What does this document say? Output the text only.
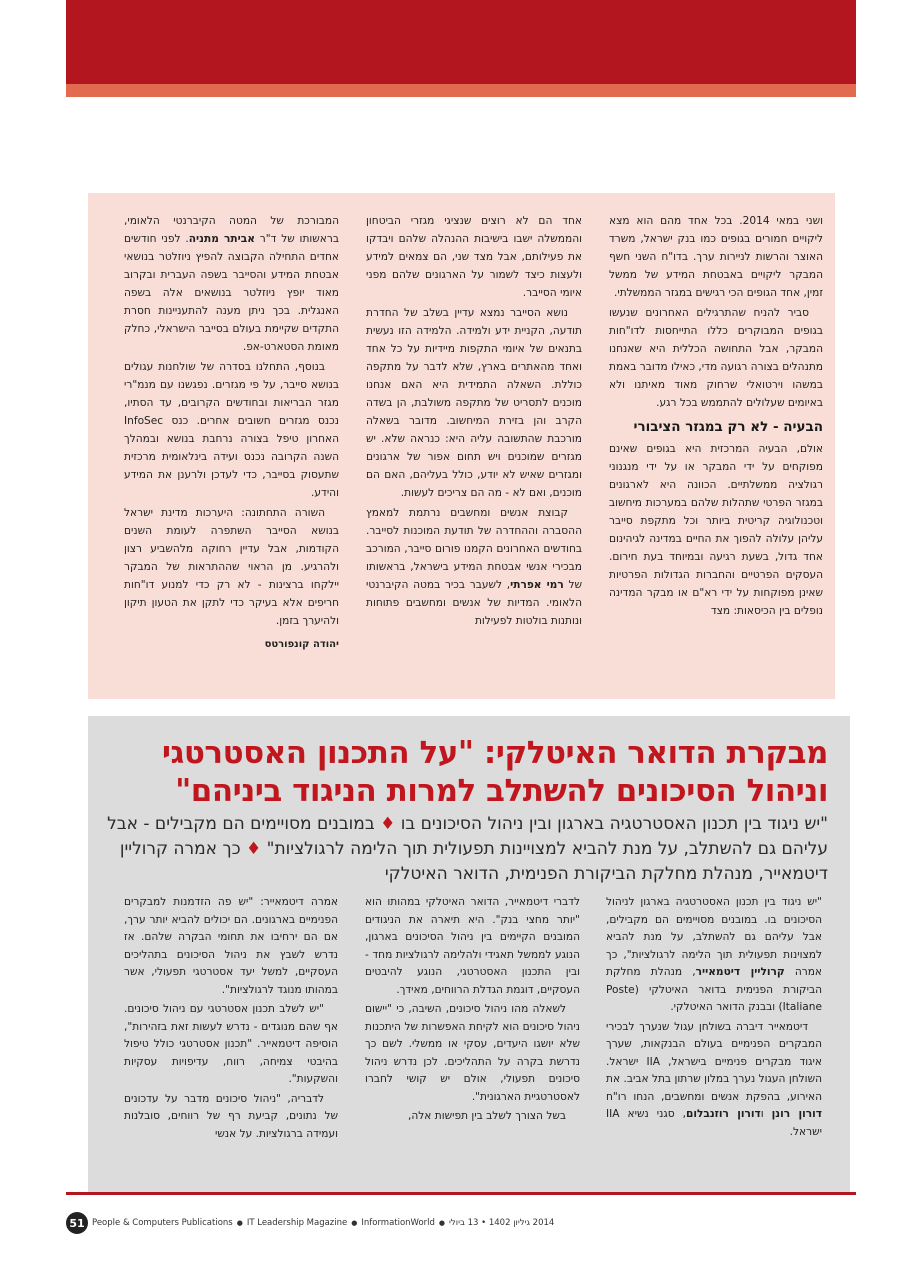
ושני במאי 2014. בכל אחד מהם הוא מצא ליקויים חמורים בגופים כמו בנק ישראל, משרד האוצר והרשות לניירות ערך. בדו"ח השני חשף המבקר ליקויים באבטחת המידע של ממשל זמין, אחד הגופים הכי רגישים במגזר הממשלתי.

סביר להניח שהתרגילים האחרונים שנעשו בגופים המבוקרים כללו התייחסות לדו"חות המבקר, אבל התחושה הכללית היא שאנחנו מתנהלים בצורה רגועה מדי, כאילו מדובר באמת במשהו וירטואלי שרחוק מאוד מאיתנו ולא באיומים שעלולים להתממש בכל רגע.

הבעיה - לא רק במגזר הציבורי

אולם, הבעיה המרכזית היא בגופים שאינם מפוקחים על ידי המבקר או על ידי מנגנוני רגולציה ממשלתיים. הכוונה היא לארגונים במגזר הפרטי שתהלות שלהם במערכות מיחשוב וטכנולוגיה קריטית ביותר וכל מתקפת סייבר עליהן עלולה להפוך את החיים במדינה לגיהינום אחד גדול, בשעת רגיעה ובמיוחד בעת חירום. העסקים הפרטיים והחברות הגדולות הפרטיות שאינן מפוקחות על ידי רא"ם או מבקר המדינה נופלים בין הכיסאות: מצד

אחד הם לא רוצים שנציגי מגזרי הביטחון והממשלה ישבו בישיבות ההנהלה שלהם ויבדקו את פעילותם, אבל מצד שני, הם צמאים למידע ולעצות כיצד לשמור על הארגונים שלהם מפני איומי הסייבר.

נושא הסייבר נמצא עדיין בשלב של החדרת תודעה, הקניית ידע ולמידה. הלמידה הזו נעשית בתנאים של איומי התקפות מיידיות על כל אחד ואחד מהאתרים בארץ, שלא לדבר על מתקפה כוללת. השאלה התמידית היא האם אנחנו מוכנים לתסריט של מתקפה משולבת, הן בשדה הקרב והן בזירת המיחשוב. מדובר בשאלה מורכבת שהתשובה עליה היא: כנראה שלא. יש מגזרים שמוכנים ויש תחום אפור של ארגונים ומגזרים שאיש לא יודע, כולל בעליהם, האם הם מוכנים, ואם לא - מה הם צריכים לעשות.

קבוצת אנשים ומחשבים נרתמת למאמץ ההסברה וההחדרה של תודעת המוכנות לסייבר. בחודשים האחרונים הקמנו פורום סייבר, המורכב מבכירי אנשי אבטחת המידע בישראל, בראשותו של רמי אפרתי, לשעבר בכיר במטה הקיברנטי הלאומי. המדיות של אנשים ומחשבים פתוחות ונותנות בולטות לפעילות

המבורכת של המטה הקיברנטי הלאומי, בראשותו של ד"ר אביתר מתניה. לפני חודשים אחדים התחילה הקבוצה להפיץ ניוזלטר בנושאי אבטחת המידע והסייבר בשפה העברית ובקרוב מאוד יופץ ניוזלטר בנושאים אלה בשפה האנגלית. בכך ניתן מענה להתעניינות חסרת התקדים שקיימת בעולם בסייבר הישראלי, כחלק מאומת הסטארט-אפ.

בנוסף, התחלנו בסדרה של שולחנות עגולים בנושא סייבר, על פי מגזרים. נפגשנו עם מנמ"רי מגזר הבריאות ובחודשים הקרובים, עד הסתיו, נכנס מגזרים חשובים אחרים. כנס InfoSec האחרון טיפל בצורה נרחבת בנושא ובמהלך השנה הקרובה נכנס ועידה בינלאומית מרכזית שתעסוק בסייבר, כדי לעדכן ולרענן את המידע והידע.

השורה התחתונה: היערכות מדינת ישראל בנושא הסייבר השתפרה לעומת השנים הקודמות, אבל עדיין רחוקה מלהשביע רצון ולהרגיע. מן הראוי שההתראות של המבקר יילקחו ברצינות - לא רק כדי למנוע דו"חות חריפים אלא בעיקר כדי לתקן את הטעון תיקון ולהיערך בזמן.

יהודה קונפורטס
מבקרת הדואר האיטלקי: "על התכנון האסטרטגי
וניהול הסיכונים להשתלב למרות הניגוד ביניהם"
"יש ניגוד בין תכנון האסטרטגיה בארגון ובין ניהול הסיכונים בו ♦ במובנים מסויימים הם מקבילים - אבל עליהם גם להשתלב, על מנת להביא למצויינות תפעולית תוך הלימה לרגולציות" ♦ כך אמרה קרוליין דיטמאייר, מנהלת מחלקת הביקורת הפנימית, הדואר האיטלקי

"יש ניגוד בין תכנון האסטרטגיה בארגון לניהול הסיכונים בו. במובנים מסויימים הם מקבילים, אבל עליהם גם להשתלב, על מנת להביא למצוינות תפעולית תוך הלימה לרגולציות", כך אמרה קרוליין דיטמאייר, מנהלת מחלקת הביקורת הפנימית בדואר האיטלקי (Poste Italiane) ובבנק הדואר האיטלקי.

דיטמאייר דיברה בשולחן עגול שנערך לבכירי המבקרים הפנימיים בעולם הבנקאות, שערך איגוד מבקרים פנימיים בישראל, IIA ישראל. השולחן העגול נערך במלון שרתון בתל אביב. את האירוע, בהפקת אנשים ומחשבים, הנחו רו"ח דורון רונן ודורון רוזנבלום, סגני נשיא IIA ישראל.

לדברי דיטמאייר, הדואר האיטלקי במהותו הוא "יותר מחצי בנק". היא תיארה את הניגודים המובנים הקיימים בין ניהול הסיכונים בארגון, הנוגע לממשל תאגידי ולהלימה לרגולציות מחד - ובין התכנון האסטרטגי, הנוגע להיבטים העסקיים, דוגמת הגדלת הרווחים, מאידך.

לשאלה מהו ניהול סיכונים, השיבה, כי "יישום ניהול סיכונים הוא לקיחת האפשרות של היתכנות שלא יושגו היעדים, עסקי או ממשלי. לשם כך נדרשת בקרה על התהליכים. לכן נדרש ניהול סיכונים תפעולי, אולם יש קושי לחברו לאסטרטגיית הארגונית".

בשל הצורך לשלב בין תפישות אלה,

אמרה דיטמאייר: "יש פה הזדמנות למבקרים הפנימיים בארגונים. הם יכולים להביא יותר ערך, אם הם ירחיבו את תחומי הבקרה שלהם. אז נדרש לשבץ את ניהול הסיכונים בתהליכים העסקיים, למשל יעד אסטרטגי תפעולי, אשר במהותו מנוגד לרגולציות".

"יש לשלב תכנון אסטרטגי עם ניהול סיכונים. אף שהם מנוגדים - נדרש לעשות זאת בזהירות", הוסיפה דיטמאייר. "תכנון אסטרטגי כולל טיפול בהיבטי צמיחה, רווח, עדיפויות עסקיות והשקעות".

לדבריה, "ניהול סיכונים מדבר על עדכונים של נתונים, קביעת רף של רווחים, סובלנות ועמידה ברגולציות. על אנשי

51 People & Computers Publications ● IT Leadership Magazine ● InformationWorld ● 2014 גיליון 1402 • 13 ביולי
